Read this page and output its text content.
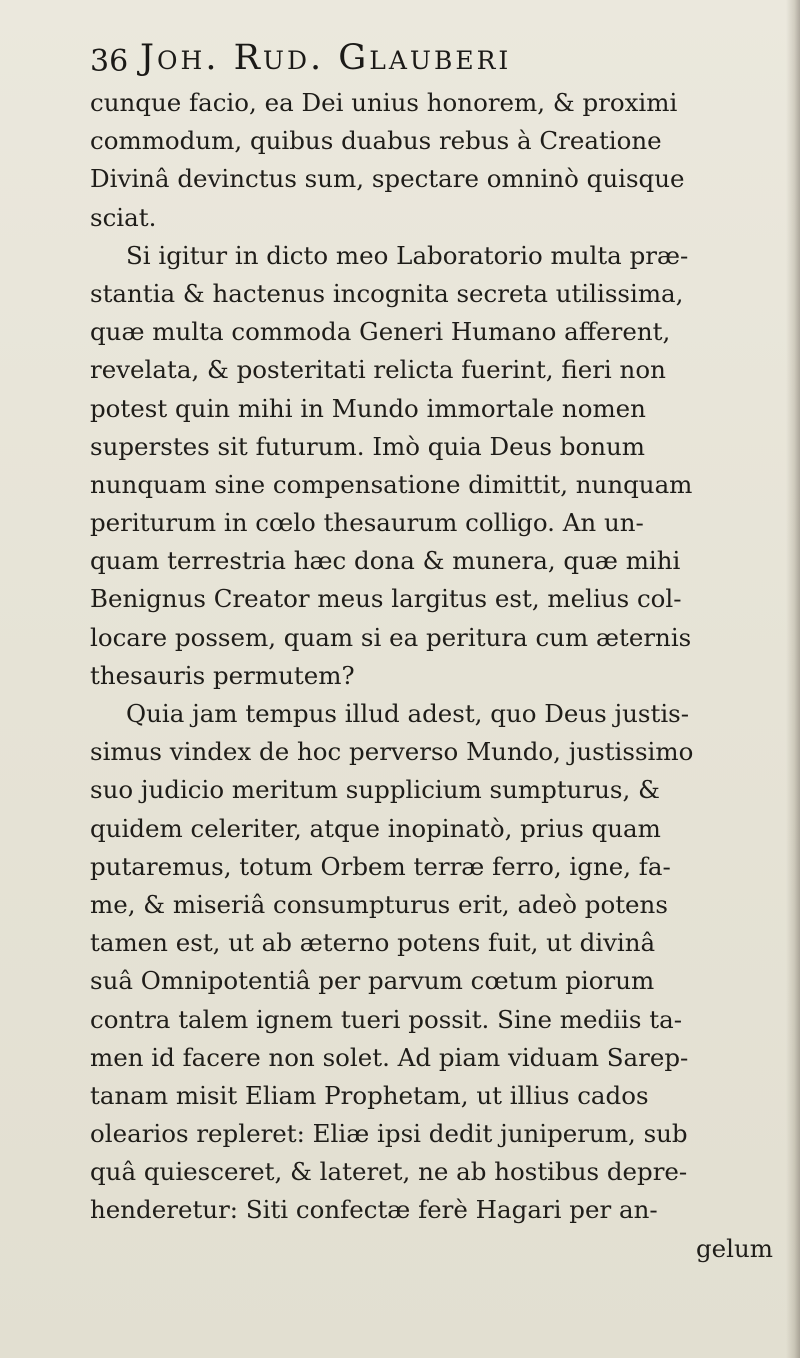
36 Joh. Rud. Glauberi
cunque facio, ea Dei unius honorem, & proximi
commodum, quibus duabus rebus à Creatione
Divinâ devinctus sum, spectare omninò quisque
sciat.
Si igitur in dicto meo Laboratorio multa præ-
stantia & hactenus incognita secreta utilissima,
quæ multa commoda Generi Humano afferent,
revelata, & posteritati relicta fuerint, fieri non
potest quin mihi in Mundo immortale nomen
superstes sit futurum. Imò quia Deus bonum
nunquam sine compensatione dimittit, nunquam
periturum in cœlo thesaurum colligo. An un-
quam terrestria hæc dona & munera, quæ mihi
Benignus Creator meus largitus est, melius col-
locare possem, quam si ea peritura cum æternis
thesauris permutem?
Quia jam tempus illud adest, quo Deus justis-
simus vindex de hoc perverso Mundo, justissimo
suo judicio meritum supplicium sumpturus, &
quidem celeriter, atque inopinatò, prius quam
putaremus, totum Orbem terræ ferro, igne, fa-
me, & miseriâ consumpturus erit, adeò potens
tamen est, ut ab æterno potens fuit, ut divinâ
suâ Omnipotentiâ per parvum cœtum piorum
contra talem ignem tueri possit. Sine mediis ta-
men id facere non solet. Ad piam viduam Sarep-
tanam misit Eliam Prophetam, ut illius cados
olearios repleret: Eliæ ipsi dedit juniperum, sub
quâ quiesceret, & lateret, ne ab hostibus depre-
henderetur: Siti confectæ ferè Hagari per an-
gelum
